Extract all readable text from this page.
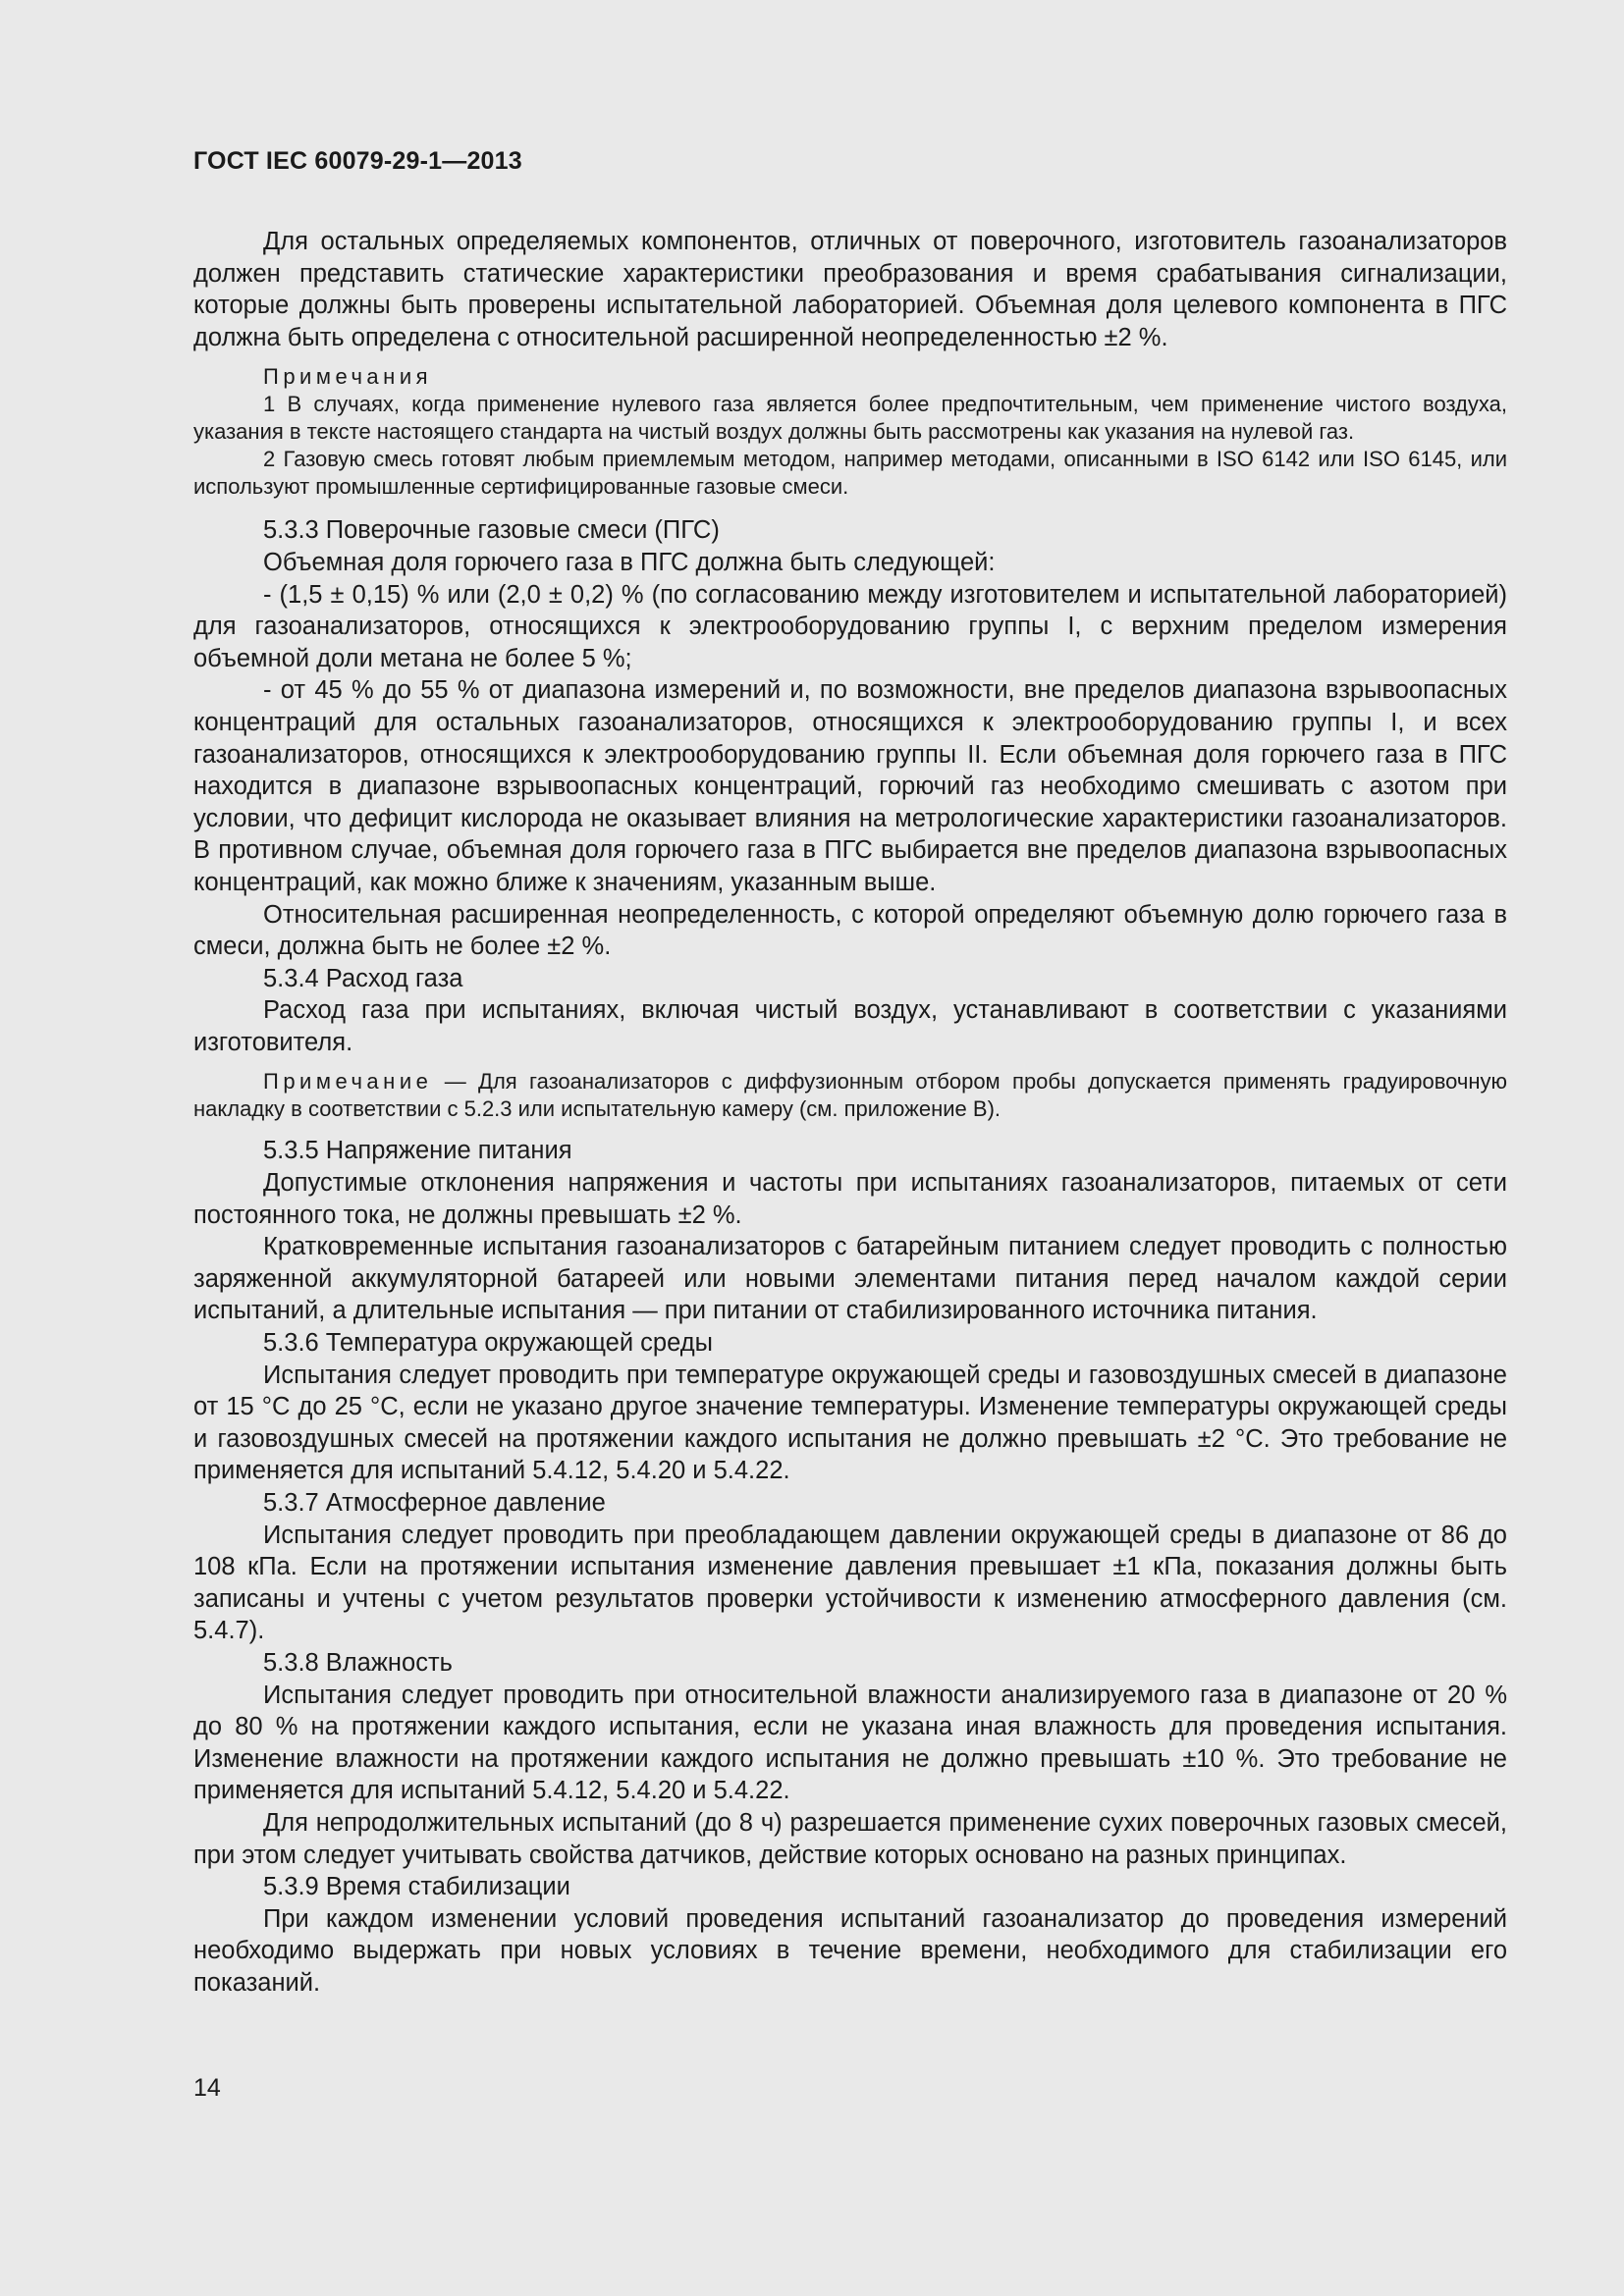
ГОСТ IEC 60079-29-1—2013

Для остальных определяемых компонентов, отличных от поверочного, изготовитель газоанализаторов должен представить статические характеристики преобразования и время срабатывания сигнализации, которые должны быть проверены испытательной лабораторией. Объемная доля целевого компонента в ПГС должна быть определена с относительной расширенной неопределенностью ±2 %.

Примечания

1 В случаях, когда применение нулевого газа является более предпочтительным, чем применение чистого воздуха, указания в тексте настоящего стандарта на чистый воздух должны быть рассмотрены как указания на нулевой газ.

2 Газовую смесь готовят любым приемлемым методом, например методами, описанными в ISO 6142 или ISO 6145, или используют промышленные сертифицированные газовые смеси.

5.3.3 Поверочные газовые смеси (ПГС)

Объемная доля горючего газа в ПГС должна быть следующей:

- (1,5 ± 0,15) % или (2,0 ± 0,2) % (по согласованию между изготовителем и испытательной лабораторией) для газоанализаторов, относящихся к электрооборудованию группы I, с верхним пределом измерения объемной доли метана не более 5 %;

- от 45 % до 55 % от диапазона измерений и, по возможности, вне пределов диапазона взрывоопасных концентраций для остальных газоанализаторов, относящихся к электрооборудованию группы I, и всех газоанализаторов, относящихся к электрооборудованию группы II. Если объемная доля горючего газа в ПГС находится в диапазоне взрывоопасных концентраций, горючий газ необходимо смешивать с азотом при условии, что дефицит кислорода не оказывает влияния на метрологические характеристики газоанализаторов. В противном случае, объемная доля горючего газа в ПГС выбирается вне пределов диапазона взрывоопасных концентраций, как можно ближе к значениям, указанным выше.

Относительная расширенная неопределенность, с которой определяют объемную долю горючего газа в смеси, должна быть не более ±2 %.

5.3.4 Расход газа

Расход газа при испытаниях, включая чистый воздух, устанавливают в соответствии с указаниями изготовителя.

Примечание — Для газоанализаторов с диффузионным отбором пробы допускается применять градуировочную накладку в соответствии с 5.2.3 или испытательную камеру (см. приложение В).

5.3.5 Напряжение питания

Допустимые отклонения напряжения и частоты при испытаниях газоанализаторов, питаемых от сети постоянного тока, не должны превышать ±2 %.

Кратковременные испытания газоанализаторов с батарейным питанием следует проводить с полностью заряженной аккумуляторной батареей или новыми элементами питания перед началом каждой серии испытаний, а длительные испытания — при питании от стабилизированного источника питания.

5.3.6 Температура окружающей среды

Испытания следует проводить при температуре окружающей среды и газовоздушных смесей в диапазоне от 15 °C до 25 °C, если не указано другое значение температуры. Изменение температуры окружающей среды и газовоздушных смесей на протяжении каждого испытания не должно превышать ±2 °C. Это требование не применяется для испытаний 5.4.12, 5.4.20 и 5.4.22.

5.3.7 Атмосферное давление

Испытания следует проводить при преобладающем давлении окружающей среды в диапазоне от 86 до 108 кПа. Если на протяжении испытания изменение давления превышает ±1 кПа, показания должны быть записаны и учтены с учетом результатов проверки устойчивости к изменению атмосферного давления (см. 5.4.7).

5.3.8 Влажность

Испытания следует проводить при относительной влажности анализируемого газа в диапазоне от 20 % до 80 % на протяжении каждого испытания, если не указана иная влажность для проведения испытания. Изменение влажности на протяжении каждого испытания не должно превышать ±10 %. Это требование не применяется для испытаний 5.4.12, 5.4.20 и 5.4.22.

Для непродолжительных испытаний (до 8 ч) разрешается применение сухих поверочных газовых смесей, при этом следует учитывать свойства датчиков, действие которых основано на разных принципах.

5.3.9 Время стабилизации

При каждом изменении условий проведения испытаний газоанализатор до проведения измерений необходимо выдержать при новых условиях в течение времени, необходимого для стабилизации его показаний.

14
